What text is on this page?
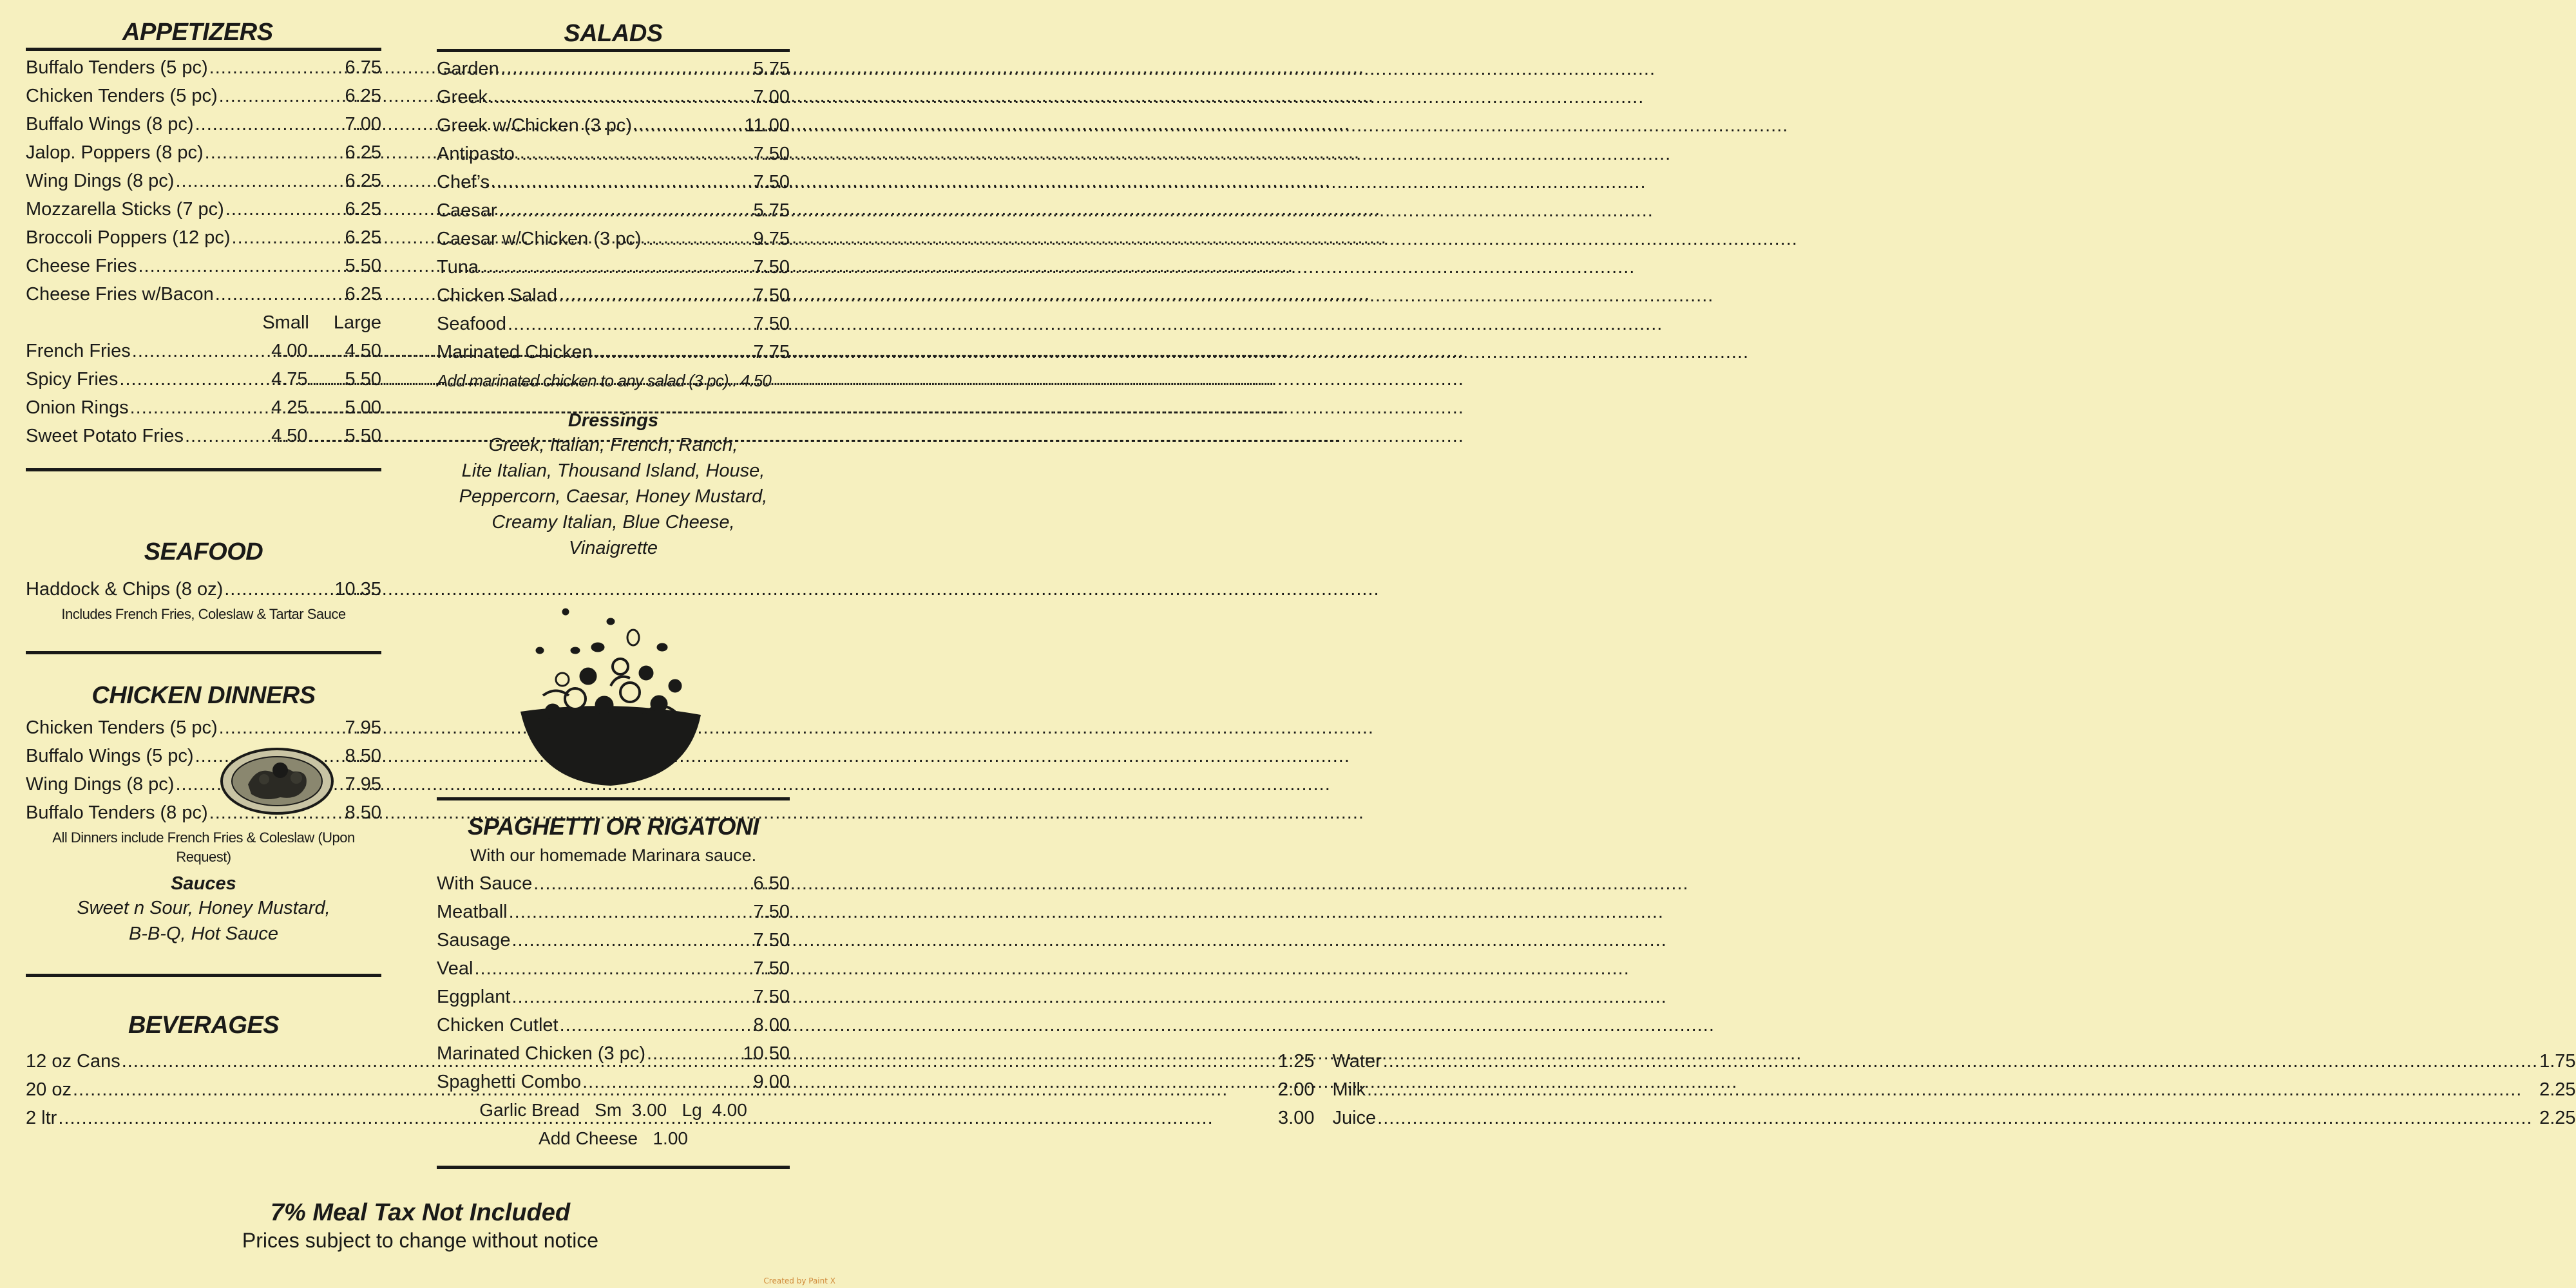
APPETIZERS
Buffalo Tenders (5 pc) .....	6.75
Chicken Tenders (5 pc) .....	6.25
Buffalo Wings (8 pc) .....	7.00
Jalop. Poppers (8 pc) .....	6.25
Wing Dings (8 pc) .....	6.25
Mozzarella Sticks (7 pc) .....	6.25
Broccoli Poppers (12 pc) .....	6.25
Cheese Fries .....	5.50
Cheese Fries w/Bacon .....	6.25
Small Large
French Fries .....	4.00 ..... 4.50
Spicy Fries .....	4.75 ..... 5.50
Onion Rings .....	4.25 ..... 5.00
Sweet Potato Fries .....	4.50 ..... 5.50
SEAFOOD
Haddock & Chips (8 oz) .....	10.35
Includes French Fries, Coleslaw & Tartar Sauce
CHICKEN DINNERS
Chicken Tenders (5 pc) .....	7.95
Buffalo Wings (5 pc) .....	8.50
Wing Dings (8 pc) .....	7.95
Buffalo Tenders (8 pc) .....	8.50
All Dinners include French Fries & Coleslaw (Upon Request)
Sauces
Sweet n Sour, Honey Mustard,
B-B-Q, Hot Sauce
BEVERAGES
12 oz Cans .....	1.25
20 oz .....	2.00
2 ltr .....	3.00
Water .....	1.75
Milk .....	2.25
Juice .....	2.25
SALADS
Garden .....	5.75
Greek .....	7.00
Greek w/Chicken (3 pc) .....	11.00
Antipasto .....	7.50
Chef’s .....	7.50
Caesar .....	5.75
Caesar w/Chicken (3 pc) .....	9.75
Tuna .....	7.50
Chicken Salad .....	7.50
Seafood .....	7.50
Marinated Chicken .....	7.75
Add marinated chicken to any salad (3 pc) .. 4.50
Dressings
Greek, Italian, French, Ranch,
Lite Italian, Thousand Island, House,
Peppercorn, Caesar, Honey Mustard,
Creamy Italian, Blue Cheese,
Vinaigrette
SPAGHETTI OR RIGATONI
With our homemade Marinara sauce.
With Sauce .....	6.50
Meatball .....	7.50
Sausage .....	7.50
Veal .....	7.50
Eggplant .....	7.50
Chicken Cutlet .....	8.00
Marinated Chicken (3 pc) .....	10.50
Spaghetti Combo .....	9.00
Garlic Bread   Sm  3.00   Lg  4.00
Add Cheese   1.00
7% Meal Tax Not Included
Prices subject to change without notice
Created by Paint X
